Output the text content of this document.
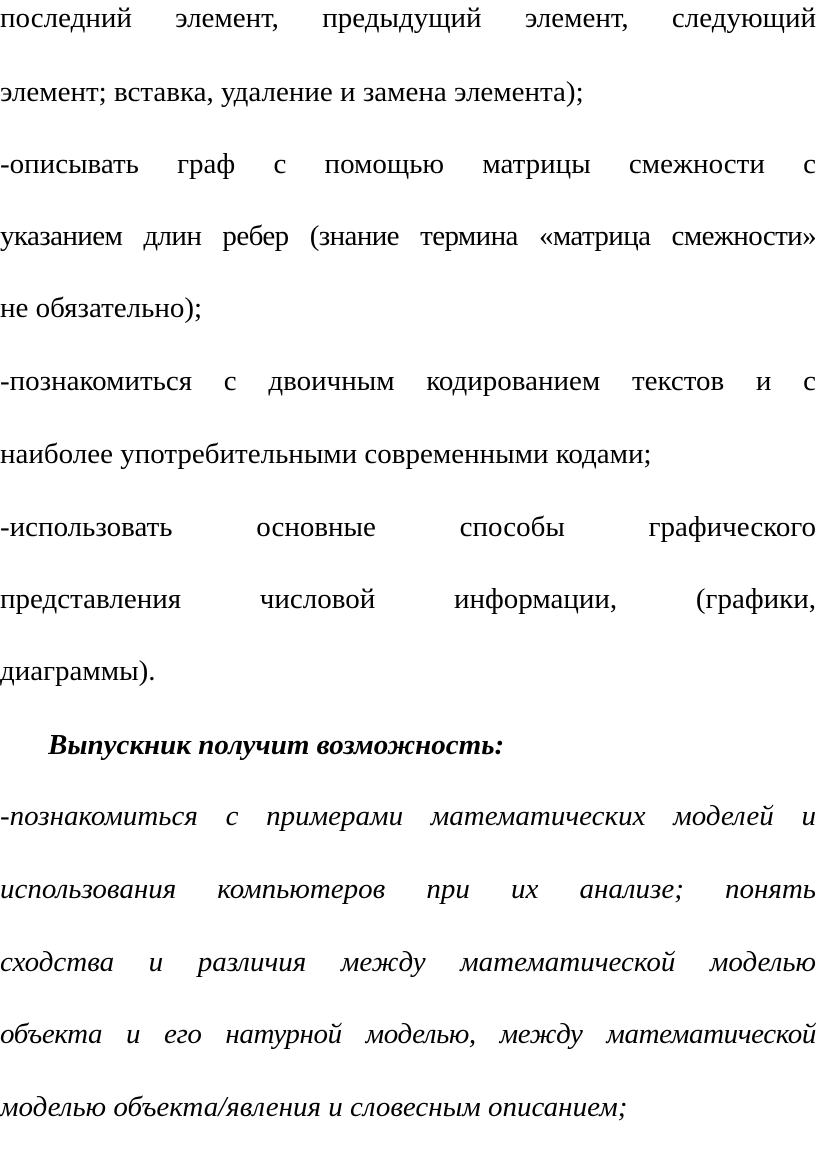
последний элемент, предыдущий элемент, следующий
элемент; вставка, удаление и замена элемента);
-описывать граф с помощью матрицы смежности с
указанием длин ребер (знание термина «матрица смежности»
не обязательно);
-познакомиться с двоичным кодированием текстов и с
наиболее употребительными современными кодами;
-использовать основные способы графического
представления числовой информации, (графики,
диаграммы).
Выпускник получит возможность:
-познакомиться с примерами математических моделей и
использования компьютеров при их анализе; понять
сходства и различия между математической моделью
объекта и его натурной моделью, между математической
моделью объекта/явления и словесным описанием;
